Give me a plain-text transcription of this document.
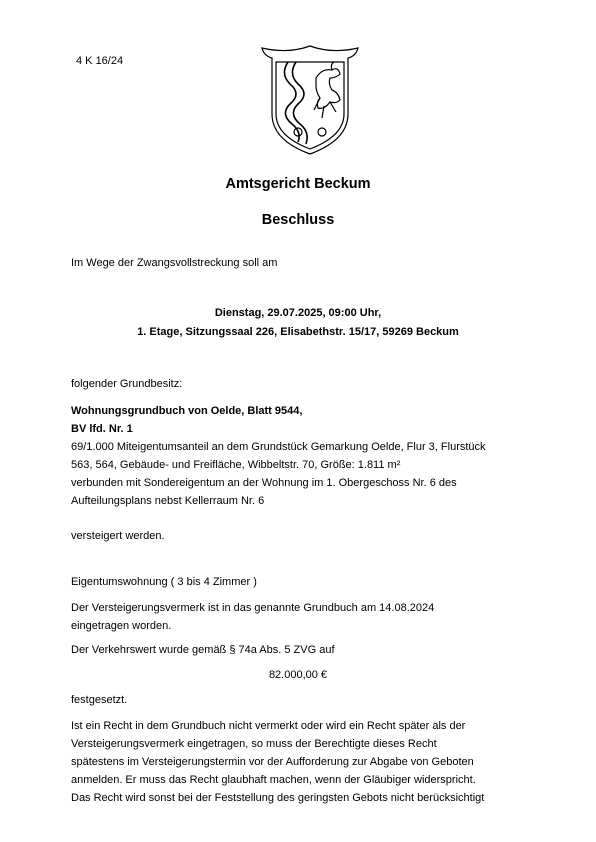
4 K 16/24
Amtsgericht Beckum
Beschluss
Im Wege der Zwangsvollstreckung soll am
Dienstag, 29.07.2025, 09:00 Uhr,
1. Etage, Sitzungssaal 226, Elisabethstr. 15/17, 59269 Beckum
folgender Grundbesitz:
Wohnungsgrundbuch von Oelde, Blatt 9544,
BV lfd. Nr. 1
69/1.000 Miteigentumsanteil an dem Grundstück Gemarkung Oelde, Flur 3, Flurstück
563, 564, Gebäude- und Freifläche, Wibbeltstr. 70, Größe: 1.811 m²
verbunden mit Sondereigentum an der Wohnung im 1. Obergeschoss Nr. 6 des
Aufteilungsplans nebst Kellerraum Nr. 6
versteigert werden.
Eigentumswohnung ( 3 bis 4 Zimmer )
Der Versteigerungsvermerk ist in das genannte Grundbuch am 14.08.2024
eingetragen worden.
Der Verkehrswert wurde gemäß § 74a Abs. 5 ZVG auf
82.000,00 €
festgesetzt.
Ist ein Recht in dem Grundbuch nicht vermerkt oder wird ein Recht später als der
Versteigerungsvermerk eingetragen, so muss der Berechtigte dieses Recht
spätestens im Versteigerungstermin vor der Aufforderung zur Abgabe von Geboten
anmelden. Er muss das Recht glaubhaft machen, wenn der Gläubiger widerspricht.
Das Recht wird sonst bei der Feststellung des geringsten Gebots nicht berücksichtigt
